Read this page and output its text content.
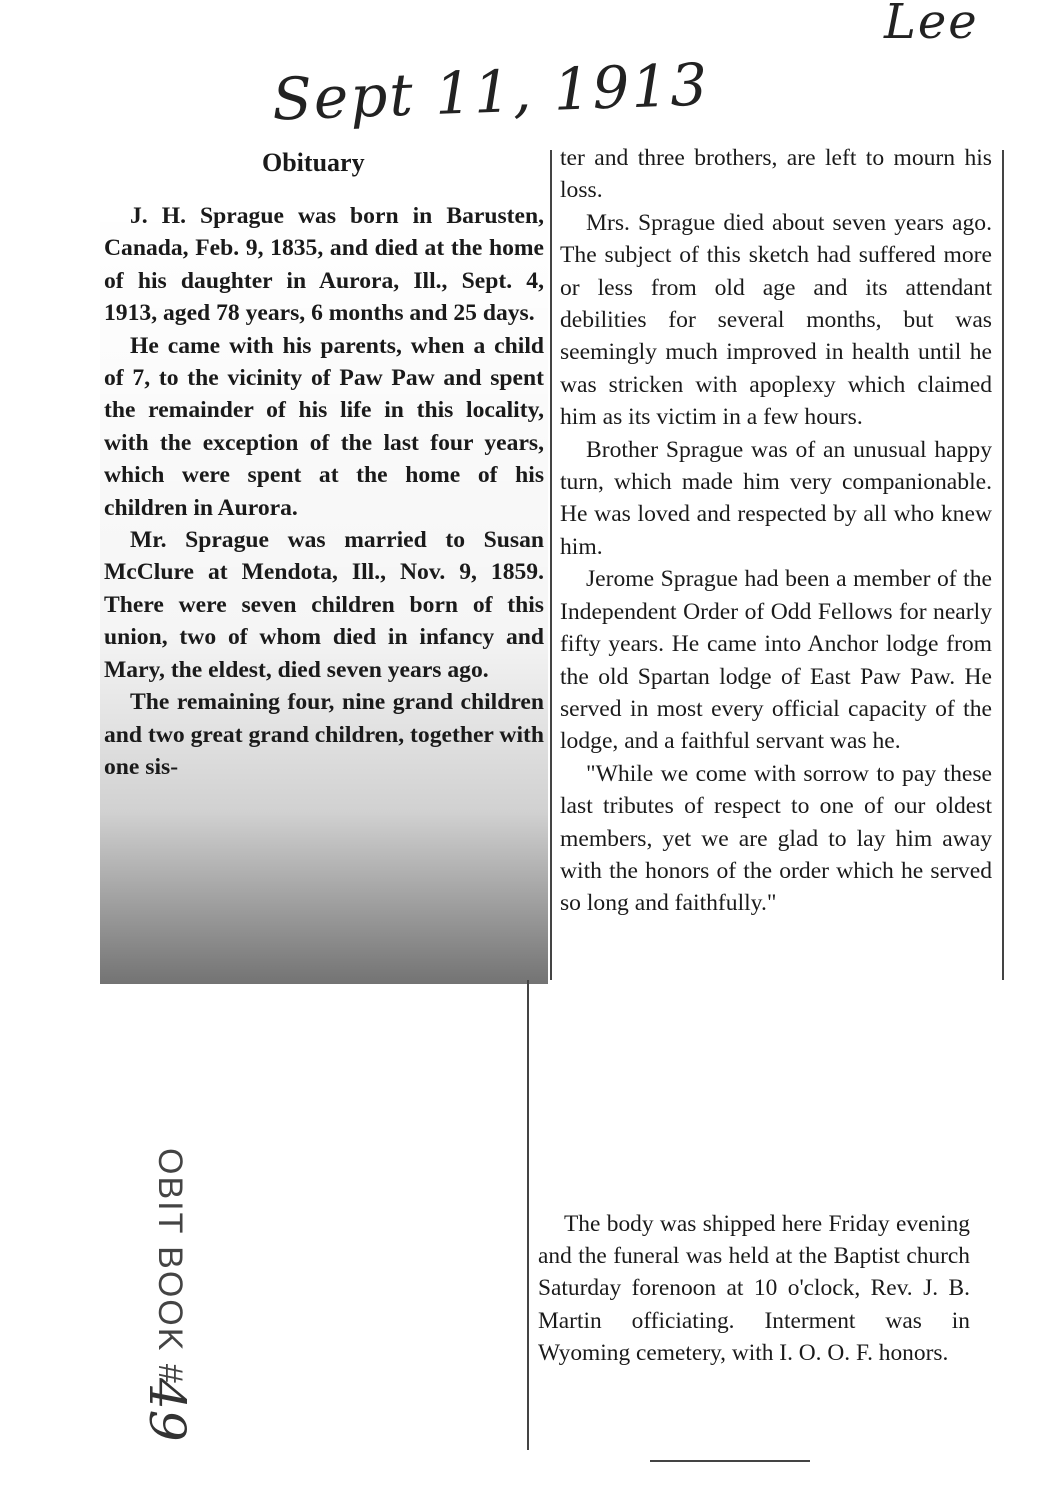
Sept 11, 1913
Lee
Obituary

J. H. Sprague was born in Barusten, Canada, Feb. 9, 1835, and died at the home of his daughter in Aurora, Ill., Sept. 4, 1913, aged 78 years, 6 months and 25 days.

He came with his parents, when a child of 7, to the vicinity of Paw Paw and spent the remainder of his life in this locality, with the exception of the last four years, which were spent at the home of his children in Aurora.

Mr. Sprague was married to Susan McClure at Mendota, Ill., Nov. 9, 1859. There were seven children born of this union, two of whom died in infancy and Mary, the eldest, died seven years ago.

The remaining four, nine grand children and two great grand children, together with one sis-

ter and three brothers, are left to mourn his loss.

Mrs. Sprague died about seven years ago. The subject of this sketch had suffered more or less from old age and its attendant debilities for several months, but was seemingly much improved in health until he was stricken with apoplexy which claimed him as its victim in a few hours.

Brother Sprague was of an unusual happy turn, which made him very companionable. He was loved and respected by all who knew him.

Jerome Sprague had been a member of the Independent Order of Odd Fellows for nearly fifty years. He came into Anchor lodge from the old Spartan lodge of East Paw Paw. He served in most every official capacity of the lodge, and a faithful servant was he.

"While we come with sorrow to pay these last tributes of respect to one of our oldest members, yet we are glad to lay him away with the honors of the order which he served so long and faithfully."

The body was shipped here Friday evening and the funeral was held at the Baptist church Saturday forenoon at 10 o'clock, Rev. J. B. Martin officiating. Interment was in Wyoming cemetery, with I. O. O. F. honors.

OBIT BOOK #
49
